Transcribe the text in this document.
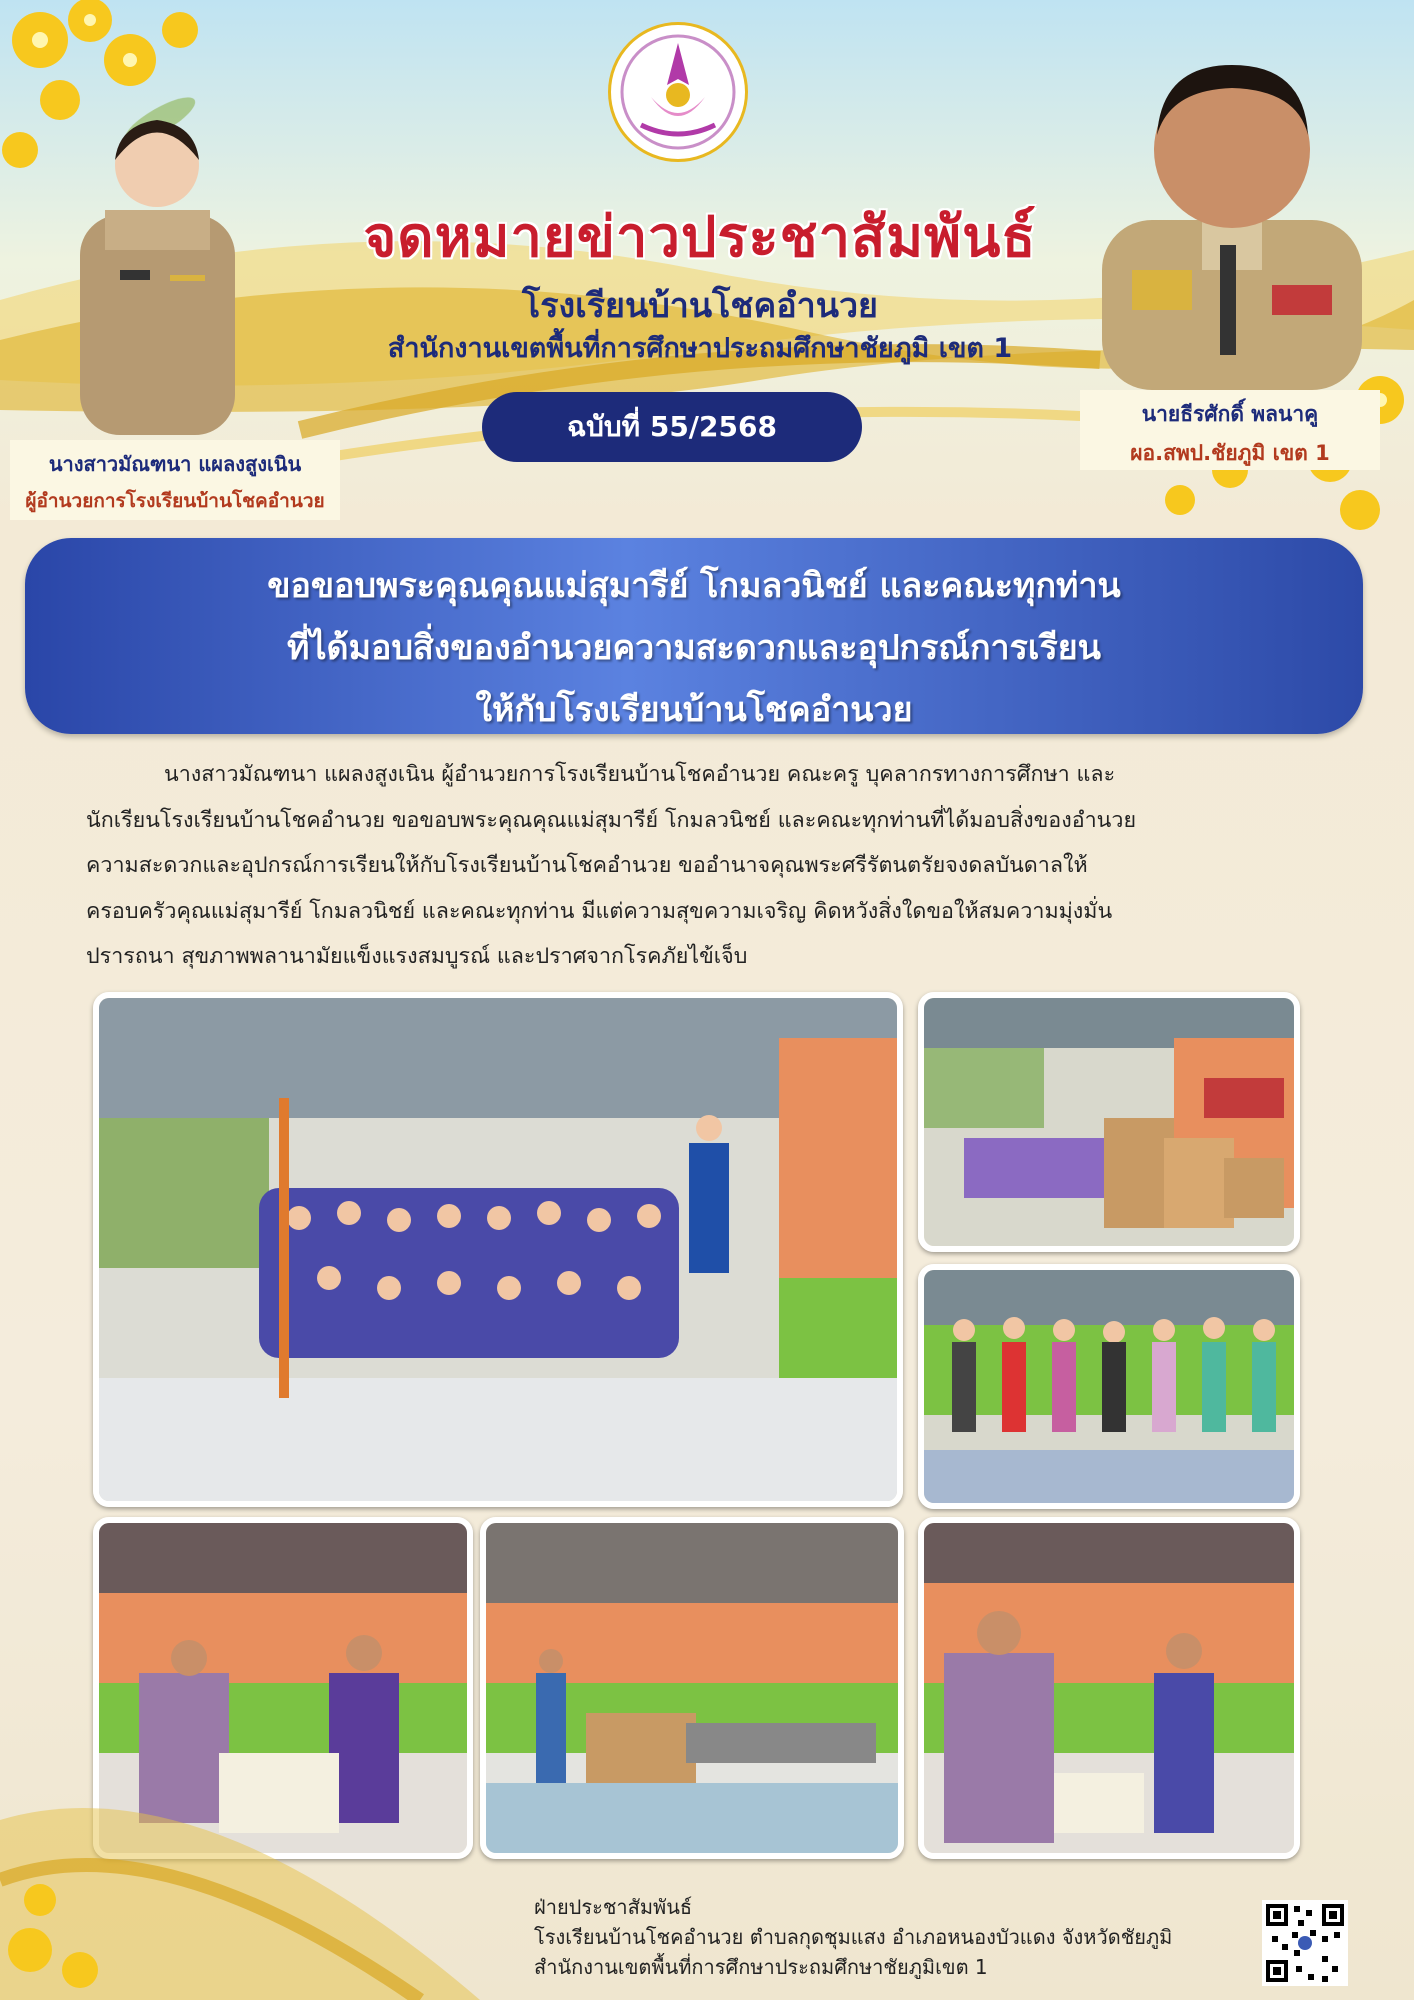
จดหมายข่าวประชาสัมพันธ์
โรงเรียนบ้านโชคอำนวย
สำนักงานเขตพื้นที่การศึกษาประถมศึกษาชัยภูมิ เขต 1
ฉบับที่ 55/2568
นางสาวมัณฑนา แผลงสูงเนิน
ผู้อำนวยการโรงเรียนบ้านโชคอำนวย
นายธีรศักดิ์ พลนาคู
ผอ.สพป.ชัยภูมิ เขต 1
ขอขอบพระคุณคุณแม่สุมารีย์ โกมลวนิชย์ และคณะทุกท่าน
ที่ได้มอบสิ่งของอำนวยความสะดวกและอุปกรณ์การเรียน
ให้กับโรงเรียนบ้านโชคอำนวย
นางสาวมัณฑนา แผลงสูงเนิน ผู้อำนวยการโรงเรียนบ้านโชคอำนวย คณะครู บุคลากรทางการศึกษา และ
นักเรียนโรงเรียนบ้านโชคอำนวย ขอขอบพระคุณคุณแม่สุมารีย์ โกมลวนิชย์ และคณะทุกท่านที่ได้มอบสิ่งของอำนวย
ความสะดวกและอุปกรณ์การเรียนให้กับโรงเรียนบ้านโชคอำนวย ขออำนาจคุณพระศรีรัตนตรัยจงดลบันดาลให้
ครอบครัวคุณแม่สุมารีย์ โกมลวนิชย์ และคณะทุกท่าน มีแต่ความสุขความเจริญ คิดหวังสิ่งใดขอให้สมความมุ่งมั่น
ปรารถนา สุขภาพพลานามัยแข็งแรงสมบูรณ์ และปราศจากโรคภัยไข้เจ็บ
ฝ่ายประชาสัมพันธ์
โรงเรียนบ้านโชคอำนวย ตำบลกุดชุมแสง อำเภอหนองบัวแดง จังหวัดชัยภูมิ
สำนักงานเขตพื้นที่การศึกษาประถมศึกษาชัยภูมิเขต 1
